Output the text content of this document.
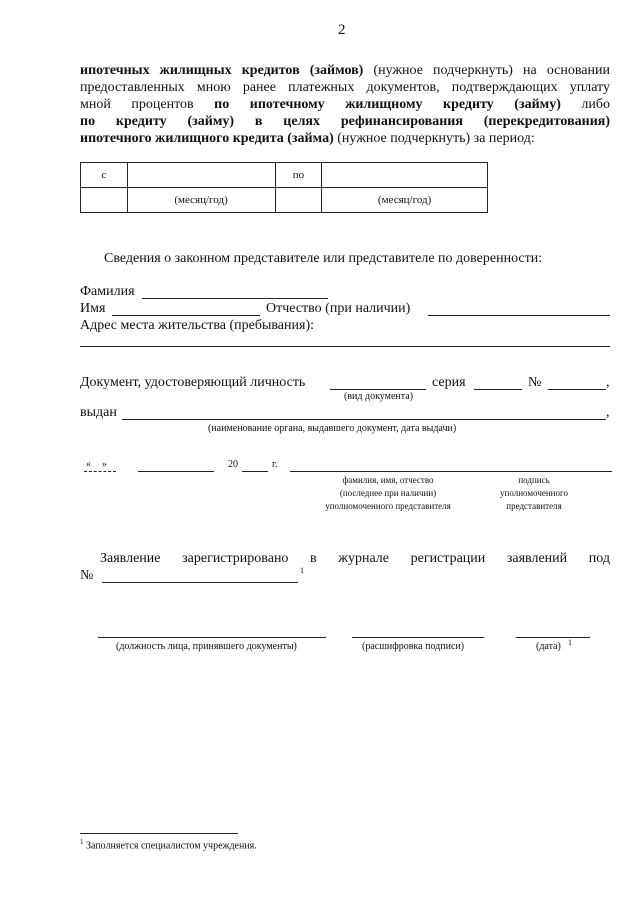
2
ипотечных жилищных кредитов (займов) (нужное подчеркнуть) на основании
предоставленных мною ранее платежных документов, подтверждающих уплату
мной процентов по ипотечному жилищному кредиту (займу) либо
по кредиту (займу) в целях рефинансирования (перекредитования)
ипотечного жилищного кредита (займа) (нужное подчеркнуть) за период:
с		по	
	(месяц/год)		(месяц/год)
Сведения о законном представителе или представителе по доверенности:
Фамилия
Имя	Отчество (при наличии)
Адрес места жительства (пребывания):
Документ, удостоверяющий личность	серия	№	,
(вид документа)
выдан	,
(наименование органа, выдавшего документ, дата выдачи)
« »	20	г.
фамилия, имя, отчество
(последнее при наличии)
уполномоченного представителя
подпись
уполномоченного
представителя
Заявление зарегистрировано в журнале регистрации заявлений под
№	1
(должность лица, принявшего документы)	(расшифровка подписи)	(дата) 1
$^1$ Заполняется специалистом учреждения.
